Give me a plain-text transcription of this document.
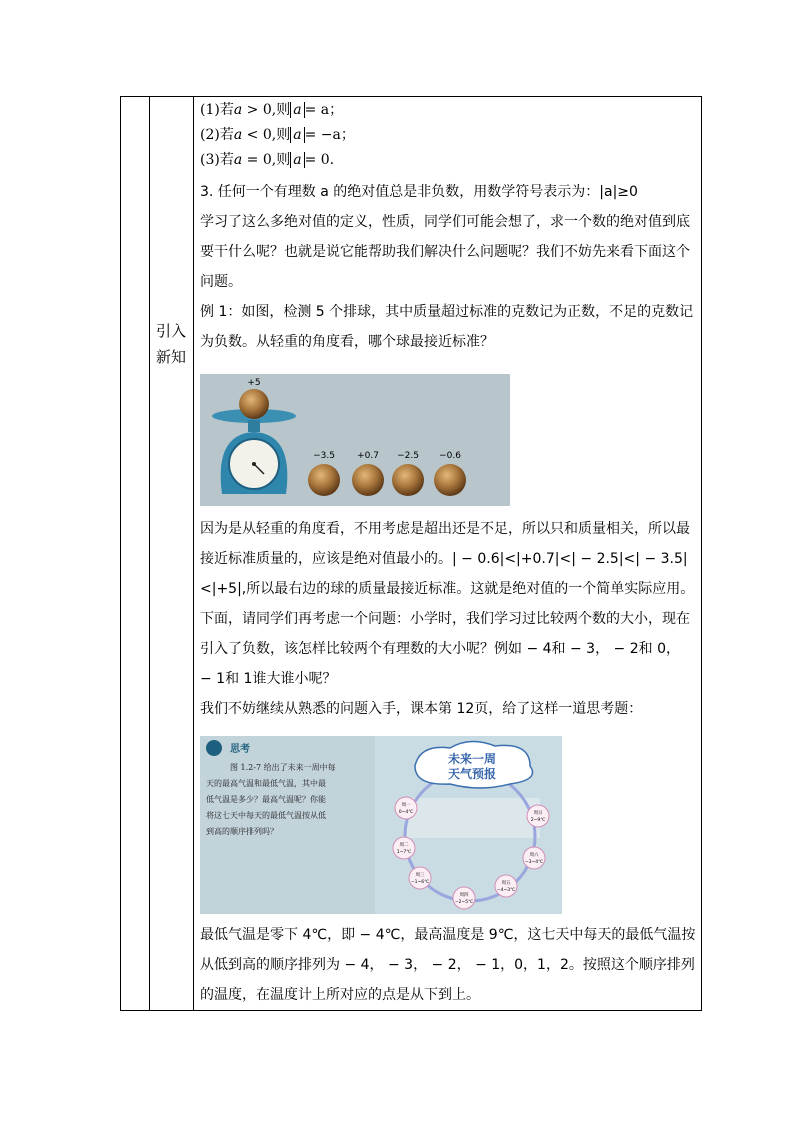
引入
新知
(1)若a > 0,则 a = a；
(2)若a < 0,则 a = −a；
(3)若a = 0,则 a = 0.

3. 任何一个有理数 a 的绝对值总是非负数，用数学符号表示为：|a|≥0

学习了这么多绝对值的定义，性质，同学们可能会想了，求一个数的绝对值到底要干什么呢？也就是说它能帮助我们解决什么问题呢？我们不妨先来看下面这个问题。

例 1：如图，检测 5 个排球，其中质量超过标准的克数记为正数，不足的克数记为负数。从轻重的角度看，哪个球最接近标准？

+5
−3.5 +0.7 −2.5 −0.6

因为是从轻重的角度看，不用考虑是超出还是不足，所以只和质量相关，所以最接近标准质量的，应该是绝对值最小的。| − 0.6|<|+0.7|<| − 2.5|<| − 3.5|<|+5|,所以最右边的球的质量最接近标准。这就是绝对值的一个简单实际应用。

下面，请同学们再考虑一个问题：小学时，我们学习过比较两个数的大小，现在引入了负数，该怎样比较两个有理数的大小呢？例如 − 4和 − 3， − 2和 0， − 1和 1谁大谁小呢？

我们不妨继续从熟悉的问题入手，课本第 12页，给了这样一道思考题：

思考
图 1.2-7 给出了未来一周中每
天的最高气温和最低气温，其中最
低气温是多少？最高气温呢？你能
将这七天中每天的最低气温按从低
到高的顺序排列吗？
未来一周
天气预报
周一
0~4℃
周二
1~7℃
周三
−1~6℃
周四
−2~5℃
周五
−4~3℃
周六
−3~4℃
周日
2~9℃

最低气温是零下 4℃，即 − 4℃，最高温度是 9℃，这七天中每天的最低气温按从低到高的顺序排列为 − 4， − 3， − 2， − 1，0，1，2。按照这个顺序排列的温度，在温度计上所对应的点是从下到上。
